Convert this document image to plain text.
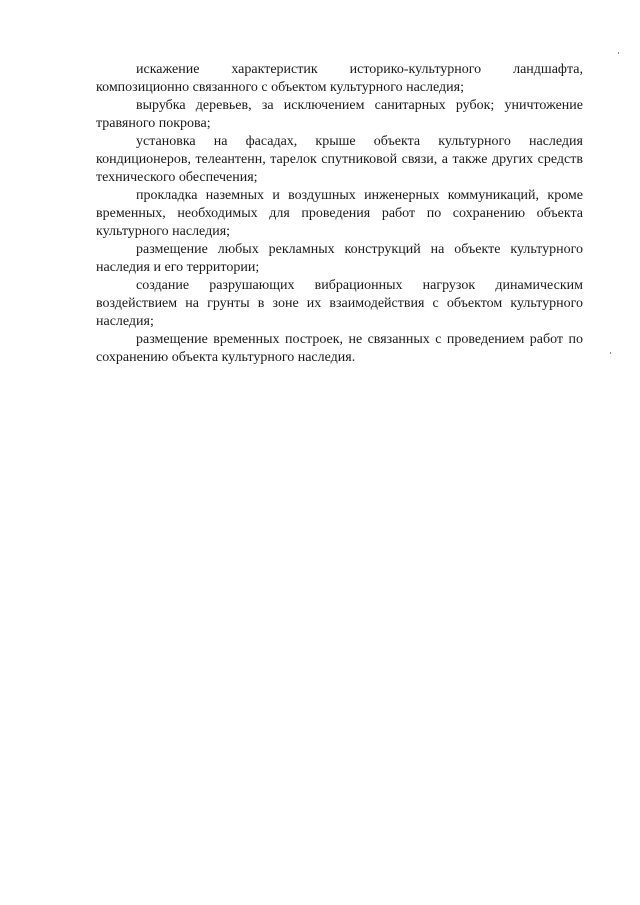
искажение характеристик историко-культурного ландшафта, композиционно связанного с объектом культурного наследия;

вырубка деревьев, за исключением санитарных рубок; уничтожение травяного покрова;

установка на фасадах, крыше объекта культурного наследия кондиционеров, телеантенн, тарелок спутниковой связи, а также других средств технического обеспечения;

прокладка наземных и воздушных инженерных коммуникаций, кроме временных, необходимых для проведения работ по сохранению объекта культурного наследия;

размещение любых рекламных конструкций на объекте культурного наследия и его территории;

создание разрушающих вибрационных нагрузок динамическим воздействием на грунты в зоне их взаимодействия с объектом культурного наследия;

размещение временных построек, не связанных с проведением работ по сохранению объекта культурного наследия.
